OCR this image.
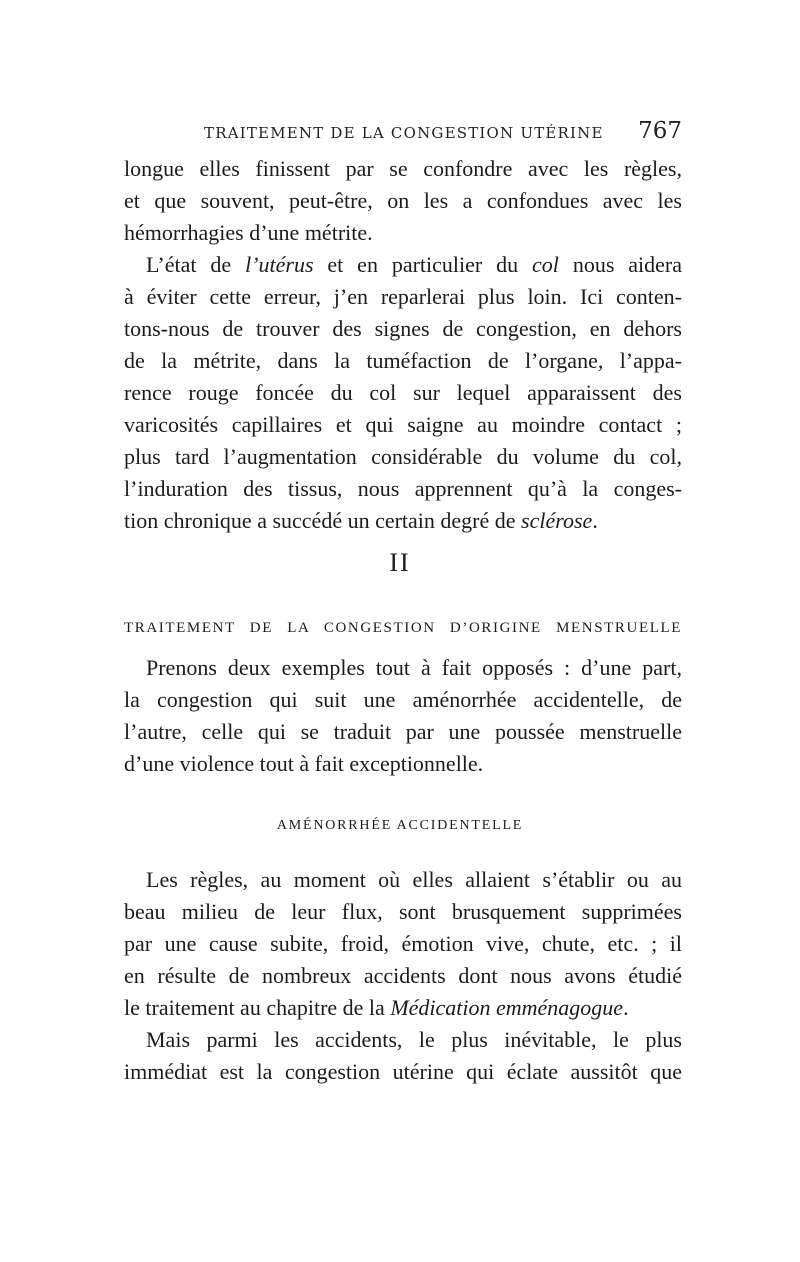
TRAITEMENT DE LA CONGESTION UTÉRINE 767
longue elles finissent par se confondre avec les règles,
et que souvent, peut-être, on les a confondues avec les
hémorrhagies d’une métrite.
L’état de l’utérus et en particulier du col nous aidera
à éviter cette erreur, j’en reparlerai plus loin. Ici conten-
tons-nous de trouver des signes de congestion, en dehors
de la métrite, dans la tuméfaction de l’organe, l’appa-
rence rouge foncée du col sur lequel apparaissent des
varicosités capillaires et qui saigne au moindre contact ;
plus tard l’augmentation considérable du volume du col,
l’induration des tissus, nous apprennent qu’à la conges-
tion chronique a succédé un certain degré de sclérose.
II
TRAITEMENT DE LA CONGESTION D’ORIGINE MENSTRUELLE
Prenons deux exemples tout à fait opposés : d’une part,
la congestion qui suit une aménorrhée accidentelle, de
l’autre, celle qui se traduit par une poussée menstruelle
d’une violence tout à fait exceptionnelle.
AMÉNORRHÉE ACCIDENTELLE
Les règles, au moment où elles allaient s’établir ou au
beau milieu de leur flux, sont brusquement supprimées
par une cause subite, froid, émotion vive, chute, etc. ; il
en résulte de nombreux accidents dont nous avons étudié
le traitement au chapitre de la Médication emménagogue.
Mais parmi les accidents, le plus inévitable, le plus
immédiat est la congestion utérine qui éclate aussitôt que
